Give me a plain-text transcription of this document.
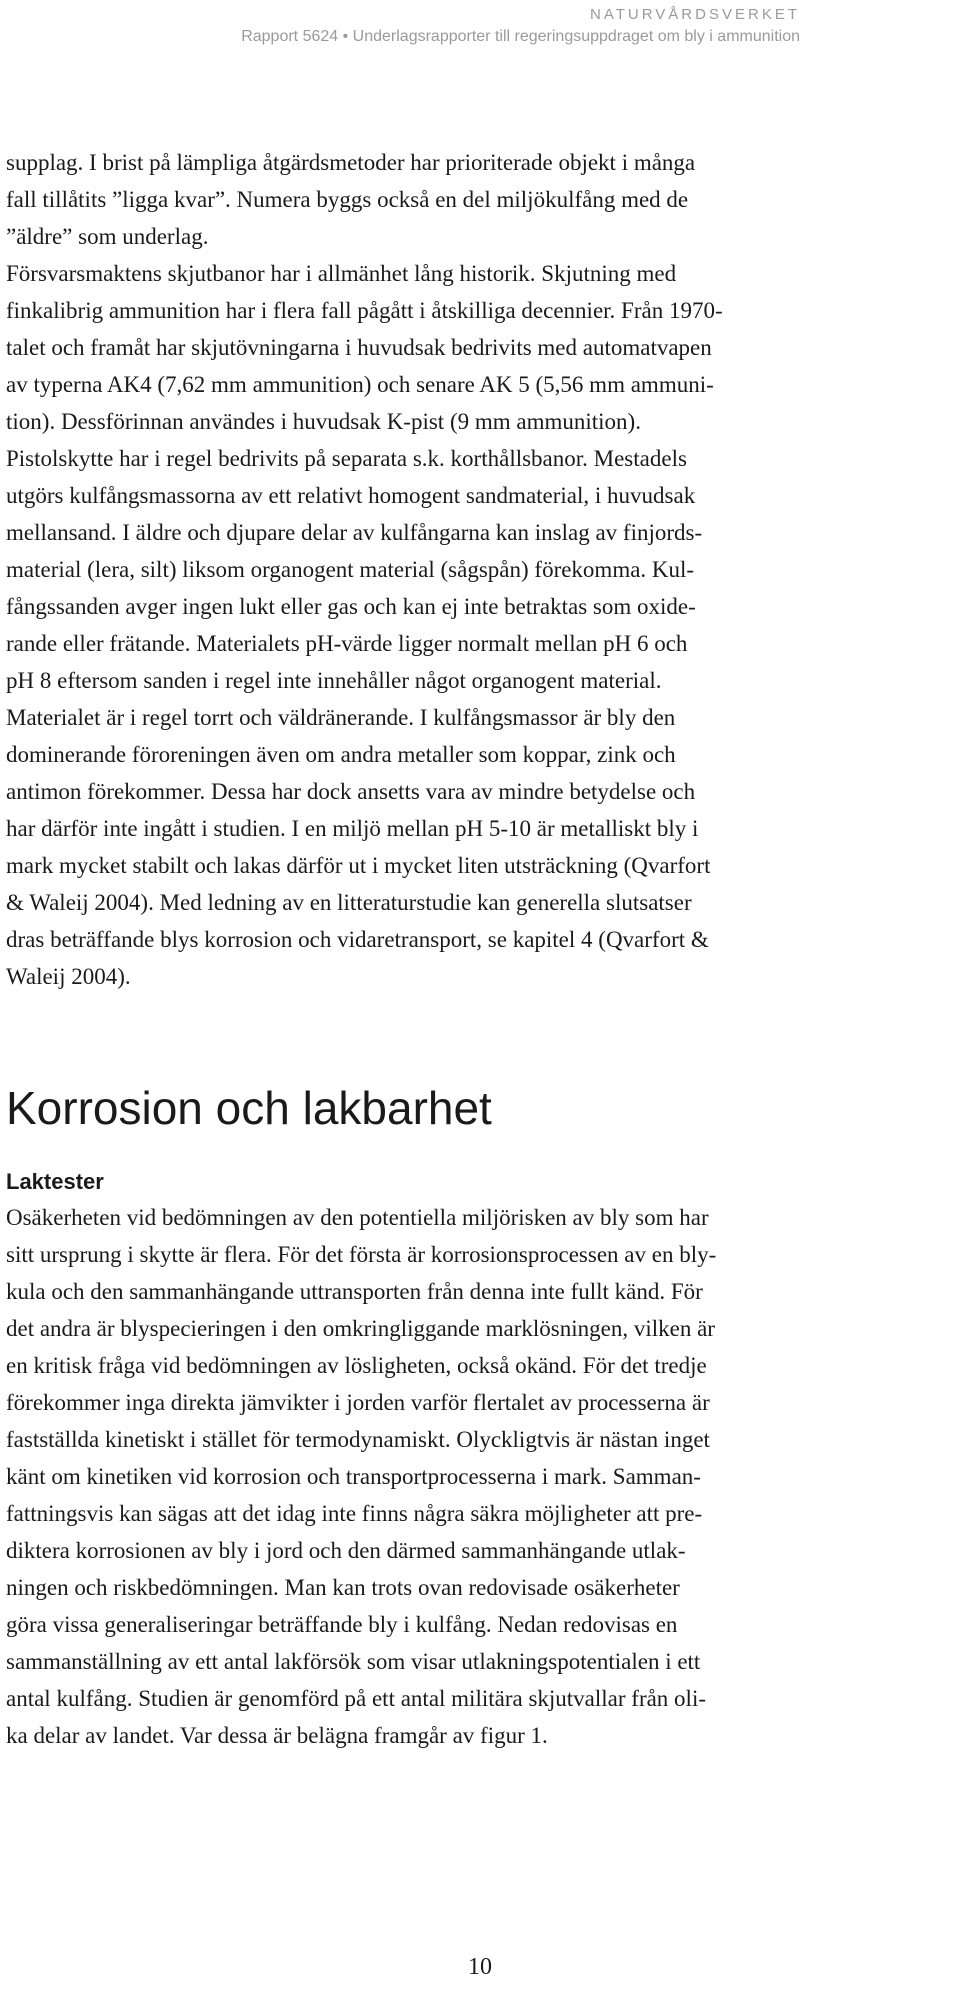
NATURVÅRDSVERKET
Rapport 5624 • Underlagsrapporter till regeringsuppdraget om bly i ammunition

supplag. I brist på lämpliga åtgärdsmetoder har prioriterade objekt i många
fall tillåtits ”ligga kvar”. Numera byggs också en del miljökulfång med de
”äldre” som underlag.
Försvarsmaktens skjutbanor har i allmänhet lång historik. Skjutning med
finkalibrig ammunition har i flera fall pågått i åtskilliga decennier. Från 1970-
talet och framåt har skjutövningarna i huvudsak bedrivits med automatvapen
av typerna AK4 (7,62 mm ammunition) och senare AK 5 (5,56 mm ammuni-
tion). Dessförinnan användes i huvudsak K-pist (9 mm ammunition).
Pistolskytte har i regel bedrivits på separata s.k. korthållsbanor. Mestadels
utgörs kulfångsmassorna av ett relativt homogent sandmaterial, i huvudsak
mellansand. I äldre och djupare delar av kulfångarna kan inslag av finjords-
material (lera, silt) liksom organogent material (sågspån) förekomma. Kul-
fångssanden avger ingen lukt eller gas och kan ej inte betraktas som oxide-
rande eller frätande. Materialets pH-värde ligger normalt mellan pH 6 och
pH 8 eftersom sanden i regel inte innehåller något organogent material.
Materialet är i regel torrt och väldränerande. I kulfångsmassor är bly den
dominerande föroreningen även om andra metaller som koppar, zink och
antimon förekommer. Dessa har dock ansetts vara av mindre betydelse och
har därför inte ingått i studien. I en miljö mellan pH 5-10 är metalliskt bly i
mark mycket stabilt och lakas därför ut i mycket liten utsträckning (Qvarfort
& Waleij 2004). Med ledning av en litteraturstudie kan generella slutsatser
dras beträffande blys korrosion och vidaretransport, se kapitel 4 (Qvarfort &
Waleij 2004).

Korrosion och lakbarhet
Laktester

Osäkerheten vid bedömningen av den potentiella miljörisken av bly som har
sitt ursprung i skytte är flera. För det första är korrosionsprocessen av en bly-
kula och den sammanhängande uttransporten från denna inte fullt känd. För
det andra är blyspecieringen i den omkringliggande marklösningen, vilken är
en kritisk fråga vid bedömningen av lösligheten, också okänd. För det tredje
förekommer inga direkta jämvikter i jorden varför flertalet av processerna är
fastställda kinetiskt i stället för termodynamiskt. Olyckligtvis är nästan inget
känt om kinetiken vid korrosion och transportprocesserna i mark. Samman-
fattningsvis kan sägas att det idag inte finns några säkra möjligheter att pre-
diktera korrosionen av bly i jord och den därmed sammanhängande utlak-
ningen och riskbedömningen. Man kan trots ovan redovisade osäkerheter
göra vissa generaliseringar beträffande bly i kulfång. Nedan redovisas en
sammanställning av ett antal lakförsök som visar utlakningspotentialen i ett
antal kulfång. Studien är genomförd på ett antal militära skjutvallar från oli-
ka delar av landet. Var dessa är belägna framgår av figur 1.

10
